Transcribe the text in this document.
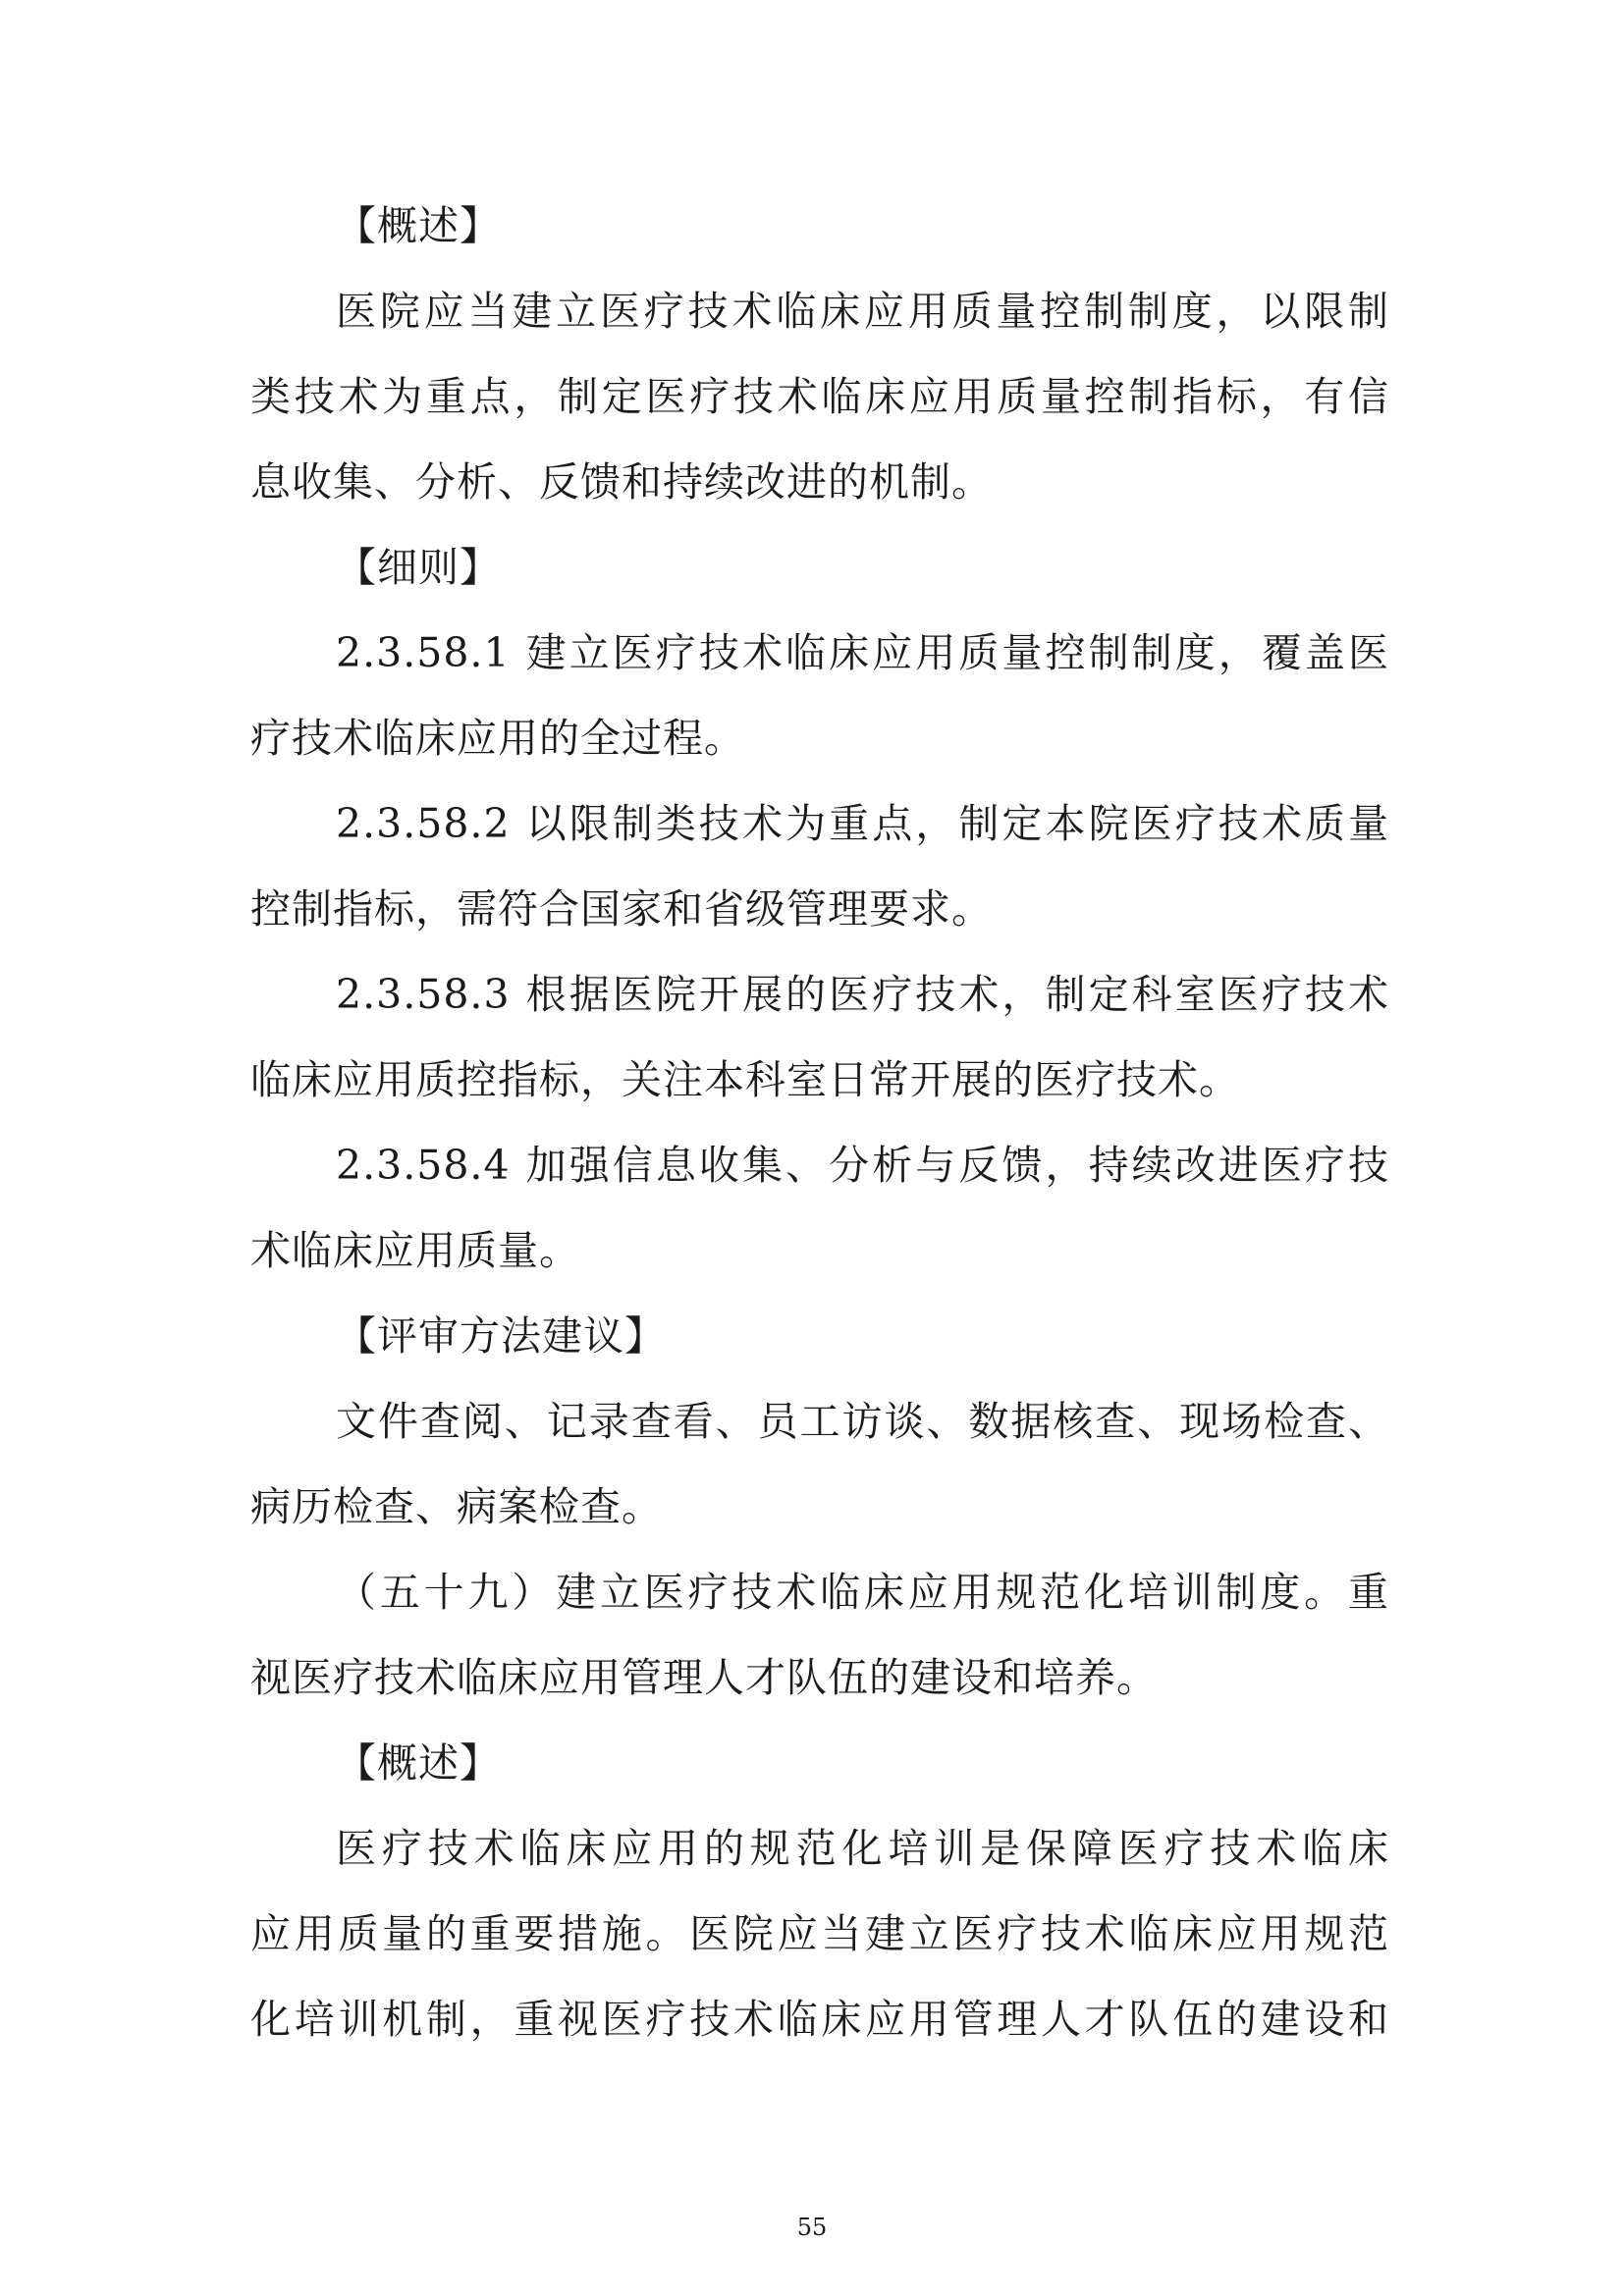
【概述】
医院应当建立医疗技术临床应用质量控制制度，以限制
类技术为重点，制定医疗技术临床应用质量控制指标，有信
息收集、分析、反馈和持续改进的机制。
【细则】
2.3.58.1 建立医疗技术临床应用质量控制制度，覆盖医
疗技术临床应用的全过程。
2.3.58.2 以限制类技术为重点，制定本院医疗技术质量
控制指标，需符合国家和省级管理要求。
2.3.58.3 根据医院开展的医疗技术，制定科室医疗技术
临床应用质控指标，关注本科室日常开展的医疗技术。
2.3.58.4 加强信息收集、分析与反馈，持续改进医疗技
术临床应用质量。
【评审方法建议】
文件查阅、记录查看、员工访谈、数据核查、现场检查、
病历检查、病案检查。
（五十九）建立医疗技术临床应用规范化培训制度。重
视医疗技术临床应用管理人才队伍的建设和培养。
【概述】
医疗技术临床应用的规范化培训是保障医疗技术临床
应用质量的重要措施。医院应当建立医疗技术临床应用规范
化培训机制，重视医疗技术临床应用管理人才队伍的建设和
55
